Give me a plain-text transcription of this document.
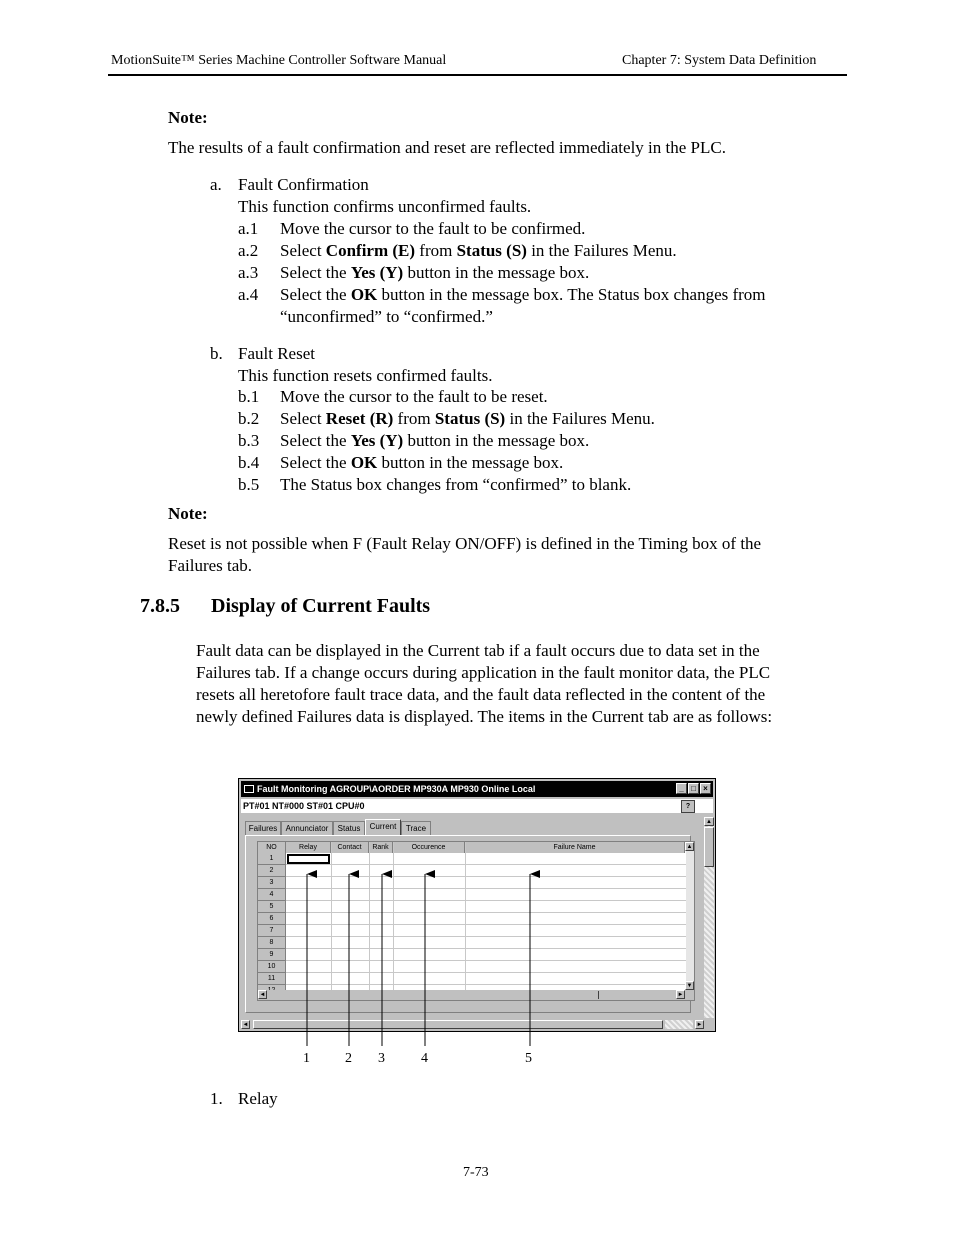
MotionSuite™ Series Machine Controller Software Manual	Chapter 7: System Data Definition
Note:
The results of a fault confirmation and reset are reflected immediately in the PLC.
a. Fault Confirmation
This function confirms unconfirmed faults.
a.1 Move the cursor to the fault to be confirmed.
a.2 Select Confirm (E) from Status (S) in the Failures Menu.
a.3 Select the Yes (Y) button in the message box.
a.4 Select the OK button in the message box. The Status box changes from
“unconfirmed” to “confirmed.”
b. Fault Reset
This function resets confirmed faults.
b.1 Move the cursor to the fault to be reset.
b.2 Select Reset (R) from Status (S) in the Failures Menu.
b.3 Select the Yes (Y) button in the message box.
b.4 Select the OK button in the message box.
b.5 The Status box changes from “confirmed” to blank.
Note:
Reset is not possible when F (Fault Relay ON/OFF) is defined in the Timing box of the
Failures tab.
7.8.5 Display of Current Faults
Fault data can be displayed in the Current tab if a fault occurs due to data set in the
Failures tab. If a change occurs during application in the fault monitor data, the PLC
resets all heretofore fault trace data, and the fault data reflected in the content of the
newly defined Failures data is displayed. The items in the Current tab are as follows:
Fault Monitoring AGROUP\AORDER MP930A MP930 Online Local	_ □ ×
PT#01 NT#000 ST#01 CPU#0	?
Failures	Annunciator	Status	Current	Trace
NO	Relay	Contact	Rank	Occurence	Failure Name
1
2
3
4
5
6
7
8
9
10
11
▲
▼
◄	►
▲
◄	►
1	2 3	4	5
1. Relay
7-73
